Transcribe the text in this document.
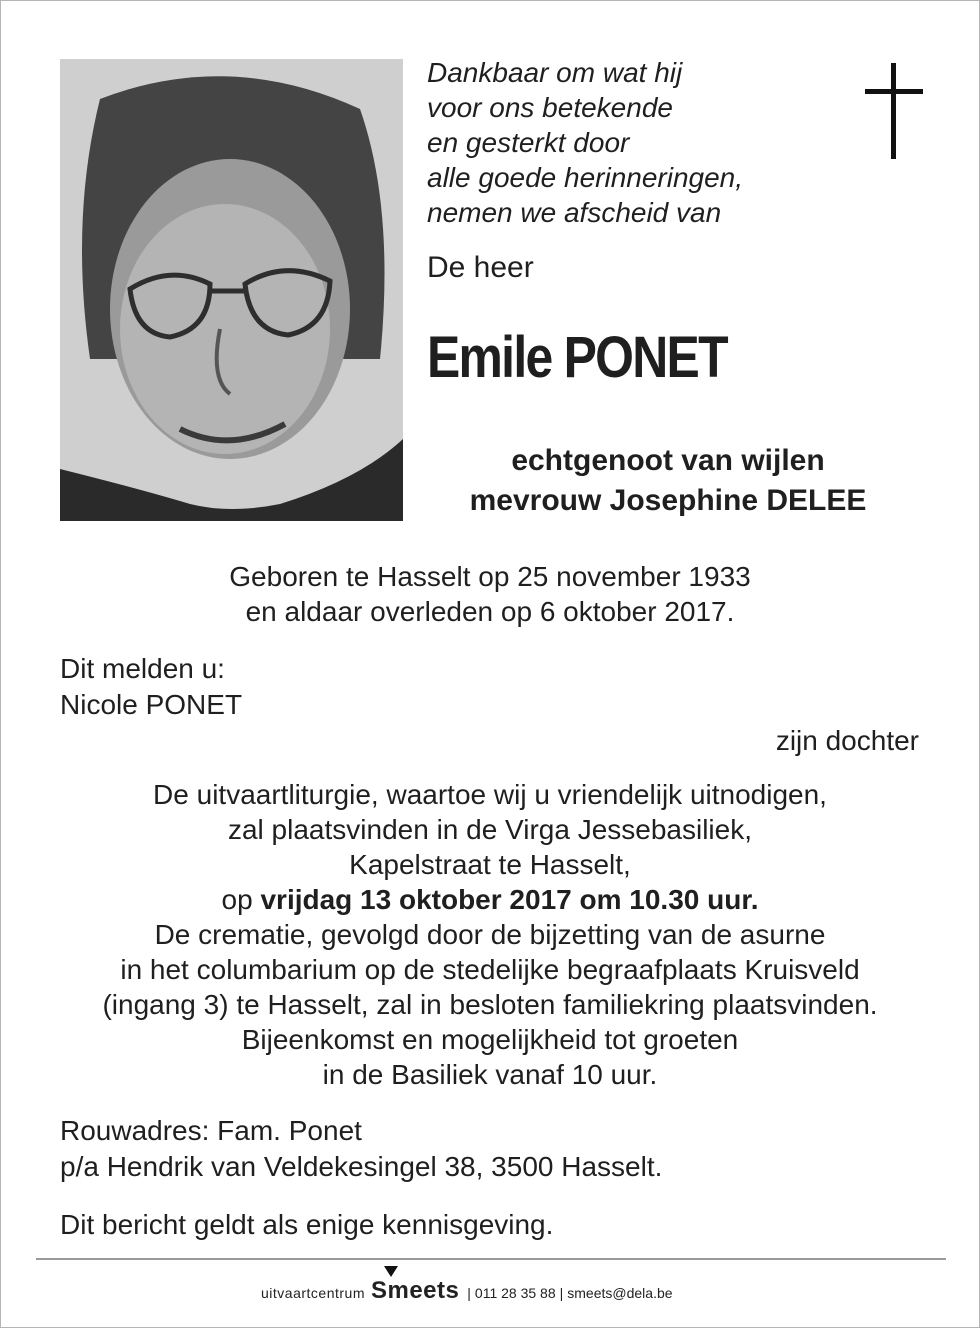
Dankbaar om wat hij
voor ons betekende
en gesterkt door
alle goede herinneringen,
nemen we afscheid van
De heer
Emile PONET
echtgenoot van wijlen
mevrouw Josephine DELEE
Geboren te Hasselt op 25 november 1933
en aldaar overleden op 6 oktober 2017.
Dit melden u:
Nicole PONET
zijn dochter
De uitvaartliturgie, waartoe wij u vriendelijk uitnodigen,
zal plaatsvinden in de Virga Jessebasiliek,
Kapelstraat te Hasselt,
op vrijdag 13 oktober 2017 om 10.30 uur.
De crematie, gevolgd door de bijzetting van de asurne
in het columbarium op de stedelijke begraafplaats Kruisveld
(ingang 3) te Hasselt, zal in besloten familiekring plaatsvinden.
Bijeenkomst en mogelijkheid tot groeten
in de Basiliek vanaf 10 uur.
Rouwadres: Fam. Ponet
p/a Hendrik van Veldekesingel 38, 3500 Hasselt.
Dit bericht geldt als enige kennisgeving.
uitvaartcentrum Smeets | 011 28 35 88 | smeets@dela.be
